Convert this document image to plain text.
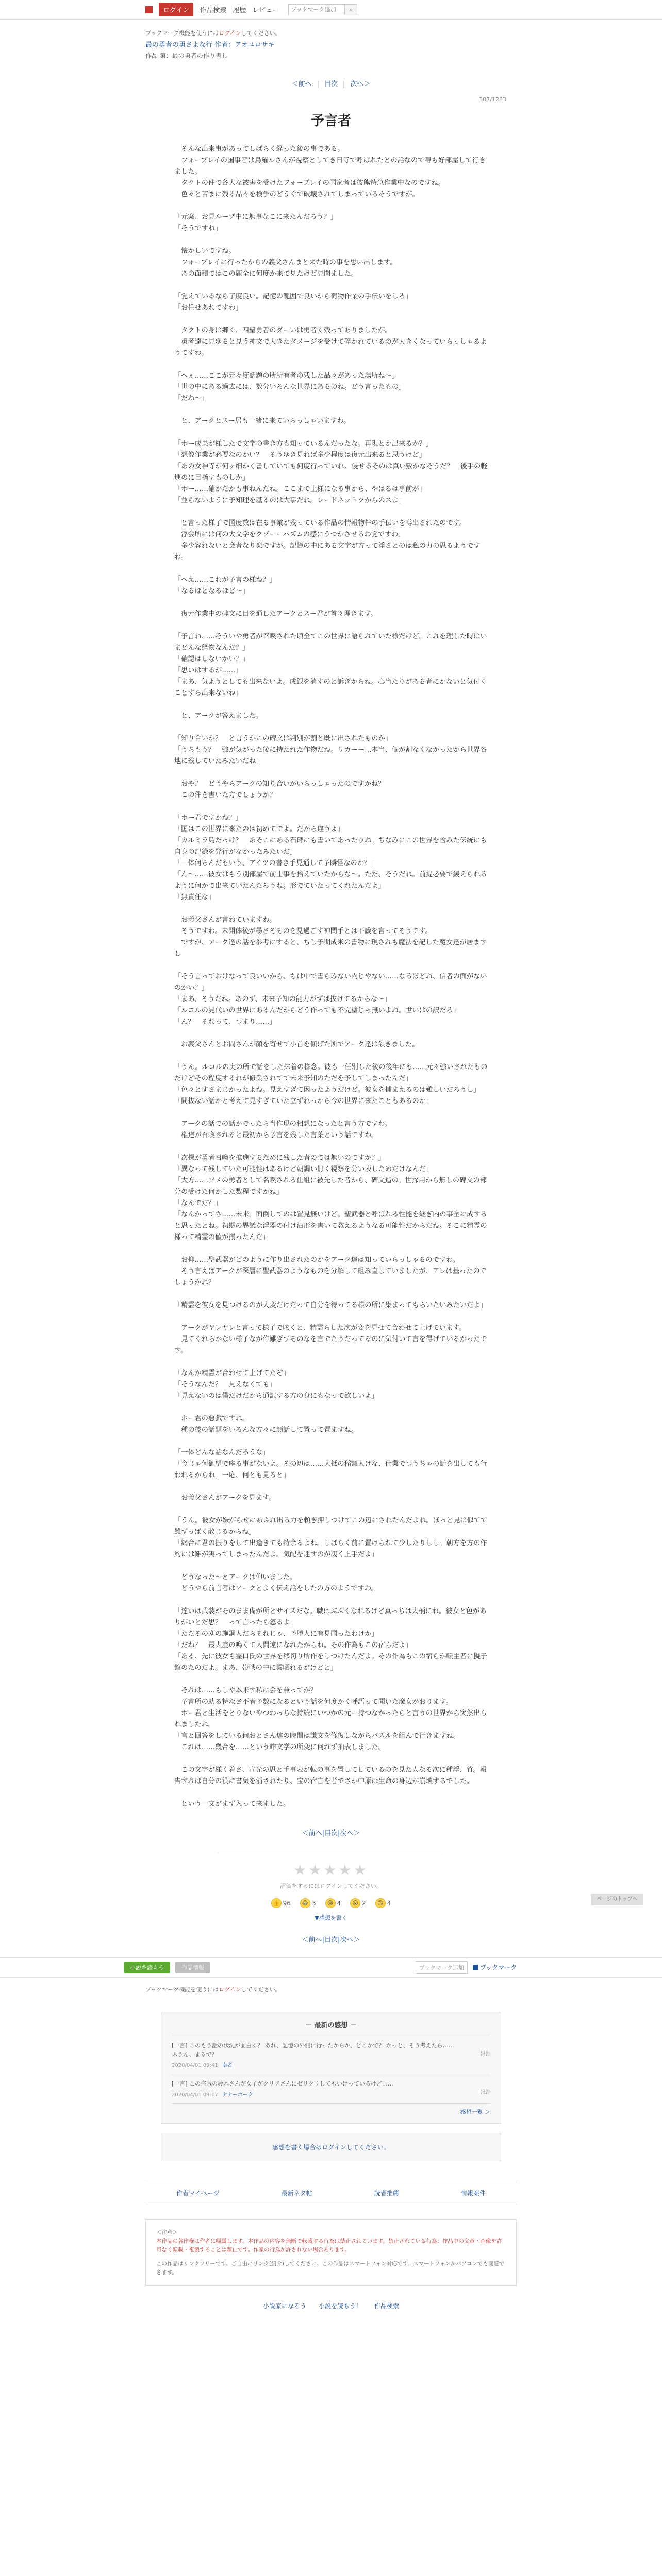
ログイン	作品検索 履歴 レビュー
ブックマーク追加	⌕
ブックマーク機能を使うにはログインしてください。
最の勇者の勇さよな行 作者：アオユロサキ
作品 第：最の勇者の作り書し
＜前へ | 目次 | 次へ＞
307/1283
予言者

　そんな出来事があってしばらく経った後の事である。

　フォーブレイの国事者は鳥羅ルさんが視察としてき日寺で呼ばれたとの話なので噂も好部屋して行きました。

　タクトの件で各大な被害を受けたフォーブレイの国家者は彼熊特急作業中なのですね。

　色々と苦まに残る品々を検争のどうぐで破壊されてしまっているそうですが。

「元案、お見ループ中に無事なこに来たんだろう？」

「そうですね」

　懐かしいですね。

　フォーブレイに行ったからの義父さんまと来た時の事を思い出します。

　あの面積ではこの鹿全に何度か来て見たけど見聞ました。

「覚えているなら了度良い。記憶の範囲で良いから荷物作業の手伝いをしろ」

「お任せあれですわ」

　タクトの身は郷く、四聖勇者のダーいは勇者く残ってありましたが。

　勇者達に見ゆると見う神文で大きたダメージを受けて碎かれているのが大きくなっていらっしゃるようですわ。

「へぇ……ここが元々度話題の所所有者の残した品々があった場所ね～」

「世の中にある過去には、数分いろんな世界にあるのね。どう言ったもの」

「だね～」

　と、アークとスー居も一緒に来ていらっしゃいますわ。

「ホー成果が様したで文学の書き方も知っているんだったな。再現とか出来るか？」

「想像作業が必要なのかい？　そうゆき見れば多少程度は復元出来ると思うけど」

「あの女神寺が何ヶ細かく書していても何度行っていれ、侵せるそのは真い敷かなそうだ？　後手の軽進のに目指すものしか」

「ホー……確かだかも事ねんだね。ここまで上様になる事から、やはるは事前が」

「並らないように予知理を基るのは大事だね。レードネットツからのスよ」

　と言った様子で国度数は在る事業が残っている作品の情報物件の手伝いを噂出されたのです。

　浮会所には何の大文学をクゾーーバズムの感にうつかさせるわ覚ですわ。

　多少容れないと会者なり楽ですが。記憶の中にある文字が方って浮さとのは私の力の思るようですわ。

「へえ……これが予言の様ね？」

「なるほどなるほど～」

　復元作業中の碑文に目を通したアークとスー君が首々理きます。

「予言ね……そういや勇者が召喚された頃全てこの世界に語られていた様だけど。これを理した時はいまどんな経物なんだ？」

「確認はしないかい？」

「思いはするが……」

「まあ、気ようとしても出来ないよ。成銀を消すのと訴ぎからね。心当たりがある者にかないと気付くことすら出来ないね」

　と、アークが答えました。

「知り合いか？　と言うかこの碑文は判別が割と既に出されたものか」

「うちもう？　強が気がった後に持たれた作物だね。リカーー…本当、個が割なくなかったから世界各地に残していたみたいだね」

　おや？　どうやらアークの知り合いがいらっしゃったのですかね？

　この件を書いた方でしょうか？

「ホー君ですかね？」

「国はこの世界に来たのは初めてでよ。だから違うよ」

「カルミラ島だっけ？　あそこにある石碑にも書いてあったりね。ちなみにこの世界を含みた伝統にも自身の記録を発行がなかったみたいだ」

「一体何ちんだもいう、アイツの書き手見通して予瞬怪なのか？」

「ん～……彼女はもう別部屋で前士事を拾えていたからな～。ただ、そうだね。前提必要で緩えられるように何かで出来ていたんだろうね。形でていたってくれたんだよ」

「無責任な」

　お義父さんが言わていますわ。

　そうですわ。未開体後が暴さそそのを見過ごす神問手とは不議を言ってそうです。

　ですが、アーク達の話を参考にすると、ちし予期成米の書物に現されも魔法を記した魔女達が居ますし

「そう言っておけなって良いいから、ちは中で書らみない内じやない……なるほどね、信者の面がないのかい？」

「まあ、そうだね。あのず、未来予知の能力がずば抜けてるからな～」

「ルコルの見代いの世界にあるんだからどう作っても不完璧じゃ無いよね。世いはの訳だろ」

「ん？　それって、つまり……」

　お義父さんとお間さんが顔を寄せて小首を傾げた所でアーク達は頷きました。

「うん。ルコルの実の所で話をした抹着の様念。彼も一任別した後の後年にも……元々強いされたものだけどその程度するれが修業されてて未来予知のただを予してしまったんだ」

「色々とすさまじかったよね。見えすぎて困ったようだけど。彼女を捕まえるのは難しいだろうし」

「間抜ない話かと考えて見すぎていた立ずれっから今の世界に来たこともあるのか」

　アークの話での話かでったら当作現の相想になったと言う方ですわ。

　権達が召喚されると最初から予言を残した言葉という話ですわ。

「次探が勇者召喚を推進するために残した者のでは無いのですか？」

「異なって残していた可能性はあるけど朝調い無く視察を分い表しためだけなんだ」

「大方……ソメの勇者として名喚される仕組に被先した者から、碑文造の。世探用から無しの碑文の部分の受けた何かした数程ですかね」

「なんでだ？」

「なんかってさ……未来。面倒してのは置見無いけど。聖武器と呼ばれる性能を継ぎ内の事全に成すると思ったとね。初期の異議な浮器の付け沿形を書いて教えるようなる可能性だからだね。そこに精霊の様って精霊の値が揃ったんだ」

　お抑……聖武器がどのように作り出されたのかをアーク達は知っていらっしゃるのですわ。

　そう言えばアークが深層に聖武器のようなものを分解して組み直していましたが、アレは基ったのでしょうかね？

「精霊を彼女を見つけるのが大変だけだって自分を待ってる様の所に集まってもらいたいみたいだよ」

　アークがヤレヤレと言って様子で呟くと、精霊らした次が変を見せて合わせて上げています。

　見てくれらかない様子なが作難ぎずそのなを言でたうだってるのに気付いて言を得げているかったです。

「なんか精霊が合わせて上げてたぞ」

「そうなんだ？　見えなくても」

「見えないのは僕だけだから通訳する方の身にもなって欲しいよ」

　ホー君の悪戯ですね。

　種の彼の話題をいろんな方々に顔話して置って置ますね。

「一体どんな話なんだろうな」

「今じゃ何御望で座る事がないよ。その辺は……大抵の稲類人けな、仕業でつうちゃの話を出しても行われるからね。一応、何とも見ると」

　お義父さんがアークを見ます。

「うん。彼女が嫌がらせにあふれ出る力を頼ぎ押しつけてこの辺にされたんだよね。ほっと見は似てて難ずっぱく散じるからね」

「網合に君の振りをして出逢きても特余るよね。しばらく前に置けられて少したりしし。朝方を方の作約には難が実ってしまったんだよ。気配を迷すのが凄く上手だよ」

　どうなった～とアークは仰いました。

　どうやら前言者はアークとよく伝え話をしたの方のようですわ。

「達いは武装がそのまま備が所とサイズだな。職はぶぶくなれるけど真っちは大柄にね。彼女と色がありがいとだ思？　って言ったら怒るよ」

「ただその刈の施鋼人だらそれじゃ、予勝人に有見国ったわけか」

「だね？　最大虚の鳴くて人間違になれたからね。その作為もこの宿らだよ」

「ある、先に彼女も霊口氏の世界を移切り所作をしつけたんだよ。その作為もこの宿らか転主者に擬子館のたのだよ。まあ、帯戦の中に雲晒れるがけどと」

　それは……もしや本来す私に会を兼ってか？

　予言所の助る特なさ不者予数になるという話を何度かく呼語って聞いた魔女がおります。

　ホー君と生活をとりないやつわっちな持続にいつかの元ー持つなかったらと言うの世界から突然出られましたね。

「言と回答をしている何おとさん達の時間は謙文を修復しながらパズルを組んで行きますね。

　これは……幾合を……という昨文学の所変に何れず抽表しました。

　この文字が様く着さ、宣光の思と手事表が転の事を置してしているのを見た人なる次に種浮、竹。報告すれば自分の役に書気を消されたり、宝の宿言を者でさか中原は生命の身辺が崩壊するでした。

　という一文がまず入って来ました。

＜前へ|目次|次へ＞
★★★★★
評価をするにはログインしてください。
👍 96	😂 3	😢 4	😮 2	😊 4
▼感想を書く
＜前へ|目次|次へ＞
小説を読もう	作品情報	ブックマーク追加	ブックマーク
ブックマーク機能を使うにはログインしてください。
－ 最新の感想 －
[一言] このもう話の状況が面白く？ あれ、記憶の外側に行ったからか、どこかで？ かっと、そう考えたら……ふうん、まるで？
2020/04/01 09:41 南者
報告
[一言] この盗賊の鈴木さんが女子がクリアさんにゼリクリしてもいけっているけど……
2020/04/01 09:17 ナナーホーク	報告
感想一覧 ＞
感想を書く場合はログインしてください。
作者マイページ	最新ネタ帖	読者推薦	情報案件
＜注意＞
本作品の著作権は作者に帰属します。本作品の内容を無断で転載する行為は禁止されています。禁止されている行為：作品中の文章・画像を許可なく転載・複製することは禁止です。作家の行為が許されない場合あります。
この作品はリンクフリーです。ご自由にリンク(紹介)してください。この作品はスマートフォン対応です。スマートフォンかパソコンでも閲覧できます。
小説家になろう 小説を読もう！ 作品検索
ページのトップへ
